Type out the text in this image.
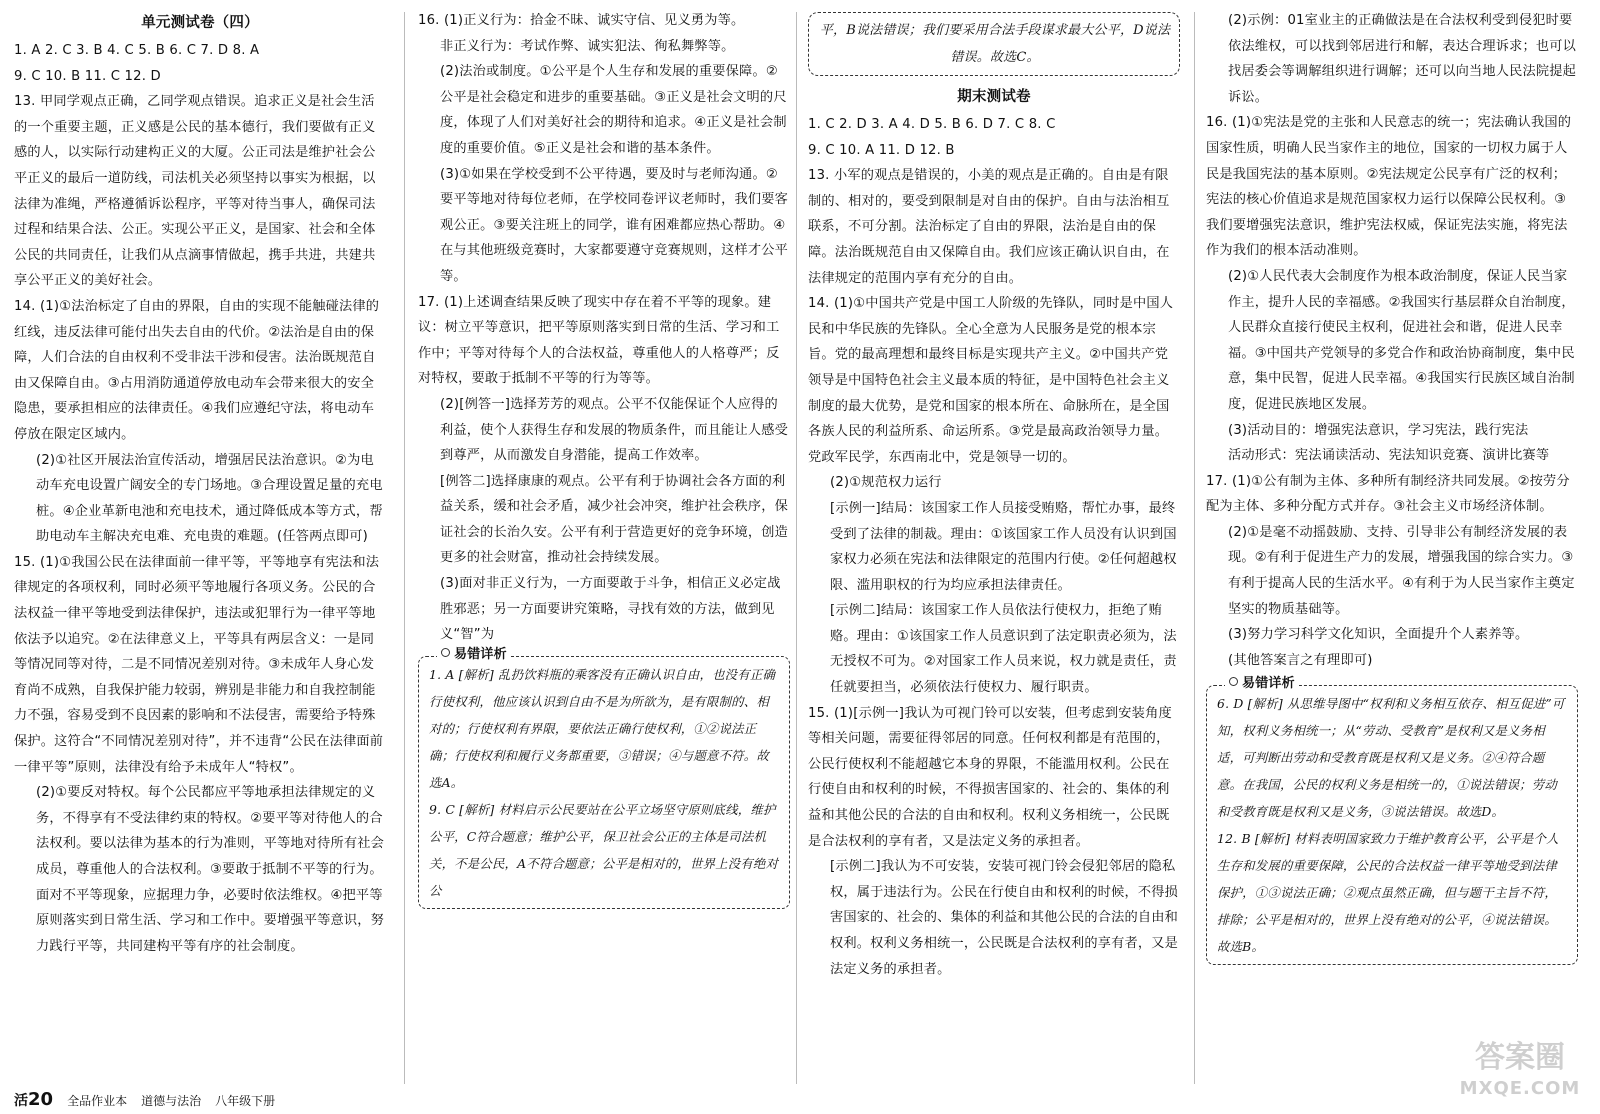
单元测试卷（四）

1. A 2. C 3. B 4. C 5. B 6. C 7. D 8. A

9. C 10. B 11. C 12. D

13. 甲同学观点正确，乙同学观点错误。追求正义是社会生活的一个重要主题，正义感是公民的基本德行，我们要做有正义感的人，以实际行动建构正义的大厦。公正司法是维护社会公平正义的最后一道防线，司法机关必须坚持以事实为根据，以法律为准绳，严格遵循诉讼程序，平等对待当事人，确保司法过程和结果合法、公正。实现公平正义，是国家、社会和全体公民的共同责任，让我们从点滴事情做起，携手共进，共建共享公平正义的美好社会。

14. (1)①法治标定了自由的界限，自由的实现不能触碰法律的红线，违反法律可能付出失去自由的代价。②法治是自由的保障，人们合法的自由权利不受非法干涉和侵害。法治既规范自由又保障自由。③占用消防通道停放电动车会带来很大的安全隐患，要承担相应的法律责任。④我们应遵纪守法，将电动车停放在限定区域内。

(2)①社区开展法治宣传活动，增强居民法治意识。②为电动车充电设置广阔安全的专门场地。③合理设置足量的充电桩。④企业革新电池和充电技术，通过降低成本等方式，帮助电动车主解决充电难、充电贵的难题。(任答两点即可)

15. (1)①我国公民在法律面前一律平等，平等地享有宪法和法律规定的各项权利，同时必须平等地履行各项义务。公民的合法权益一律平等地受到法律保护，违法或犯罪行为一律平等地依法予以追究。②在法律意义上，平等具有两层含义：一是同等情况同等对待，二是不同情况差别对待。③未成年人身心发育尚不成熟，自我保护能力较弱，辨别是非能力和自我控制能力不强，容易受到不良因素的影响和不法侵害，需要给予特殊保护。这符合“不同情况差别对待”，并不违背“公民在法律面前一律平等”原则，法律没有给予未成年人“特权”。

(2)①要反对特权。每个公民都应平等地承担法律规定的义务，不得享有不受法律约束的特权。②要平等对待他人的合法权利。要以法律为基本的行为准则，平等地对待所有社会成员，尊重他人的合法权利。③要敢于抵制不平等的行为。面对不平等现象，应据理力争，必要时依法维权。④把平等原则落实到日常生活、学习和工作中。要增强平等意识，努力践行平等，共同建构平等有序的社会制度。

16. (1)正义行为：拾金不昧、诚实守信、见义勇为等。

非正义行为：考试作弊、诚实犯法、徇私舞弊等。

(2)法治或制度。①公平是个人生存和发展的重要保障。②公平是社会稳定和进步的重要基础。③正义是社会文明的尺度，体现了人们对美好社会的期待和追求。④正义是社会制度的重要价值。⑤正义是社会和谐的基本条件。

(3)①如果在学校受到不公平待遇，要及时与老师沟通。②要平等地对待每位老师，在学校同卷评议老师时，我们要客观公正。③要关注班上的同学，谁有困难都应热心帮助。④在与其他班级竞赛时，大家都要遵守竞赛规则，这样才公平等。

17. (1)上述调查结果反映了现实中存在着不平等的现象。建议：树立平等意识，把平等原则落实到日常的生活、学习和工作中；平等对待每个人的合法权益，尊重他人的人格尊严；反对特权，要敢于抵制不平等的行为等等。

(2)[例答一]选择芳芳的观点。公平不仅能保证个人应得的利益，使个人获得生存和发展的物质条件，而且能让人感受到尊严，从而激发自身潜能，提高工作效率。

[例答二]选择康康的观点。公平有利于协调社会各方面的利益关系，缓和社会矛盾，减少社会冲突，维护社会秩序，保证社会的长治久安。公平有利于营造更好的竞争环境，创造更多的社会财富，推动社会持续发展。

(3)面对非正义行为，一方面要敢于斗争，相信正义必定战胜邪恶；另一方面要讲究策略，寻找有效的方法，做到见义“智”为

易错详析

1. A [解析] 乱扔饮料瓶的乘客没有正确认识自由，也没有正确行使权利，他应该认识到自由不是为所欲为，是有限制的、相对的；行使权利有界限，要依法正确行使权利，①②说法正确；行使权利和履行义务都重要，③错误；④与题意不符。故选A。

9. C [解析] 材料启示公民要站在公平立场坚守原则底线，维护公平，C符合题意；维护公平，保卫社会公正的主体是司法机关，不是公民，A不符合题意；公平是相对的，世界上没有绝对公

平，B说法错误；我们要采用合法手段谋求最大公平，D说法错误。故选C。

期末测试卷

1. C 2. D 3. A 4. D 5. B 6. D 7. C 8. C

9. C 10. A 11. D 12. B

13. 小军的观点是错误的，小美的观点是正确的。自由是有限制的、相对的，要受到限制是对自由的保护。自由与法治相互联系，不可分割。法治标定了自由的界限，法治是自由的保障。法治既规范自由又保障自由。我们应该正确认识自由，在法律规定的范围内享有充分的自由。

14. (1)①中国共产党是中国工人阶级的先锋队，同时是中国人民和中华民族的先锋队。全心全意为人民服务是党的根本宗旨。党的最高理想和最终目标是实现共产主义。②中国共产党领导是中国特色社会主义最本质的特征，是中国特色社会主义制度的最大优势，是党和国家的根本所在、命脉所在，是全国各族人民的利益所系、命运所系。③党是最高政治领导力量。党政军民学，东西南北中，党是领导一切的。

(2)①规范权力运行

[示例一]结局：该国家工作人员接受贿赂，帮忙办事，最终受到了法律的制裁。理由：①该国家工作人员没有认识到国家权力必须在宪法和法律限定的范围内行使。②任何超越权限、滥用职权的行为均应承担法律责任。

[示例二]结局：该国家工作人员依法行使权力，拒绝了贿赂。理由：①该国家工作人员意识到了法定职责必须为，法无授权不可为。②对国家工作人员来说，权力就是责任，责任就要担当，必须依法行使权力、履行职责。

15. (1)[示例一]我认为可视门铃可以安装，但考虑到安装角度等相关问题，需要征得邻居的同意。任何权利都是有范围的，公民行使权利不能超越它本身的界限，不能滥用权利。公民在行使自由和权利的时候，不得损害国家的、社会的、集体的利益和其他公民的合法的自由和权利。权利义务相统一，公民既是合法权利的享有者，又是法定义务的承担者。

[示例二]我认为不可安装，安装可视门铃会侵犯邻居的隐私权，属于违法行为。公民在行使自由和权利的时候，不得损害国家的、社会的、集体的利益和其他公民的合法的自由和权利。权利义务相统一，公民既是合法权利的享有者，又是法定义务的承担者。

(2)示例：01室业主的正确做法是在合法权利受到侵犯时要依法维权，可以找到邻居进行和解，表达合理诉求；也可以找居委会等调解组织进行调解；还可以向当地人民法院提起诉讼。

16. (1)①宪法是党的主张和人民意志的统一；宪法确认我国的国家性质，明确人民当家作主的地位，国家的一切权力属于人民是我国宪法的基本原则。②宪法规定公民享有广泛的权利；宪法的核心价值追求是规范国家权力运行以保障公民权利。③我们要增强宪法意识，维护宪法权威，保证宪法实施，将宪法作为我们的根本活动准则。

(2)①人民代表大会制度作为根本政治制度，保证人民当家作主，提升人民的幸福感。②我国实行基层群众自治制度，人民群众直接行使民主权利，促进社会和谐，促进人民幸福。③中国共产党领导的多党合作和政治协商制度，集中民意，集中民智，促进人民幸福。④我国实行民族区域自治制度，促进民族地区发展。

(3)活动目的：增强宪法意识，学习宪法，践行宪法

活动形式：宪法诵读活动、宪法知识竞赛、演讲比赛等

17. (1)①公有制为主体、多种所有制经济共同发展。②按劳分配为主体、多种分配方式并存。③社会主义市场经济体制。

(2)①是毫不动摇鼓励、支持、引导非公有制经济发展的表现。②有利于促进生产力的发展，增强我国的综合实力。③有利于提高人民的生活水平。④有利于为人民当家作主奠定坚实的物质基础等。

(3)努力学习科学文化知识，全面提升个人素养等。

(其他答案言之有理即可)

易错详析

6. D [解析] 从思维导图中“权利和义务相互依存、相互促进”可知，权利义务相统一；从“劳动、受教育”是权利又是义务相适，可判断出劳动和受教育既是权利又是义务。②④符合题意。在我国，公民的权利义务是相统一的，①说法错误；劳动和受教育既是权利又是义务，③说法错误。故选D。

12. B [解析] 材料表明国家致力于维护教育公平，公平是个人生存和发展的重要保障，公民的合法权益一律平等地受到法律保护，①③说法正确；②观点虽然正确，但与题干主旨不符，排除；公平是相对的，世界上没有绝对的公平，④说法错误。故选B。

活20 全品作业本 道德与法治 八年级下册
答案圈
MXQE.COM
